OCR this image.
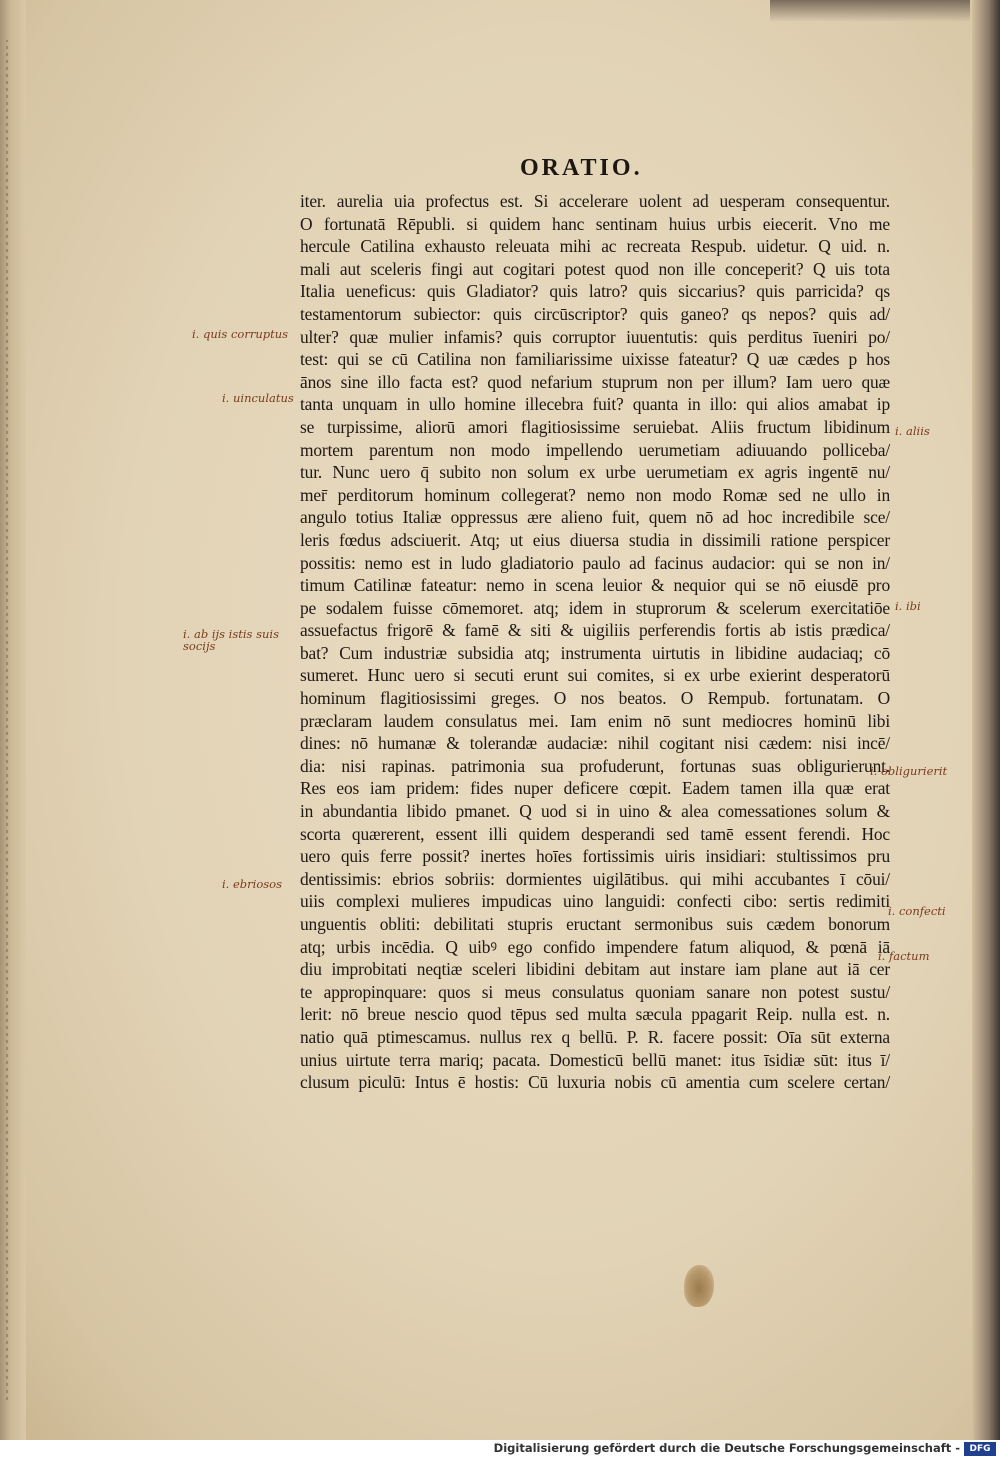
ORATIO.
iter. aurelia uia profectus est. Si accelerare uolent ad uesperam consequentur.
O fortunatā Rēpubli. si quidem hanc sentinam huius urbis eiecerit. Vno me
hercule Catilina exhausto releuata mihi ac recreata Respub. uidetur. Q uid. n.
mali aut sceleris fingi aut cogitari potest quod non ille conceperit? Q uis tota
Italia ueneficus: quis Gladiator? quis latro? quis siccarius? quis parricida? qs
testamentorum subiector: quis circūscriptor? quis ganeo? qs nepos? quis ad/
ulter? quæ mulier infamis? quis corruptor iuuentutis: quis perditus īueniri po/
test: qui se cū Catilina non familiarissime uixisse fateatur? Q uæ cædes p hos
ānos sine illo facta est? quod nefarium stuprum non per illum? Iam uero quæ
tanta unquam in ullo homine illecebra fuit? quanta in illo: qui alios amabat ip
se turpissime, aliorū amori flagitiosissime seruiebat. Aliis fructum libidinum
mortem parentum non modo impellendo uerumetiam adiuuando polliceba/
tur. Nunc uero q̄ subito non solum ex urbe uerumetiam ex agris ingentē nu/
mer̄ perditorum hominum collegerat? nemo non modo Romæ sed ne ullo in
angulo totius Italiæ oppressus ære alieno fuit, quem nō ad hoc incredibile sce/
leris fœdus adsciuerit. Atq; ut eius diuersa studia in dissimili ratione perspicer
possitis: nemo est in ludo gladiatorio paulo ad facinus audacior: qui se non in/
timum Catilinæ fateatur: nemo in scena leuior & nequior qui se nō eiusdē pro
pe sodalem fuisse cōmemoret. atq; idem in stuprorum & scelerum exercitatiōe
assuefactus frigorē & famē & siti & uigiliis perferendis fortis ab istis prædica/
bat? Cum industriæ subsidia atq; instrumenta uirtutis in libidine audaciaq; cō
sumeret. Hunc uero si secuti erunt sui comites, si ex urbe exierint desperatorū
hominum flagitiosissimi greges. O nos beatos. O Rempub. fortunatam. O
præclaram laudem consulatus mei. Iam enim nō sunt mediocres hominū libi
dines: nō humanæ & tolerandæ audaciæ: nihil cogitant nisi cædem: nisi incē/
dia: nisi rapinas. patrimonia sua profuderunt, fortunas suas obligurierunt.
Res eos iam pridem: fides nuper deficere cœpit. Eadem tamen illa quæ erat
in abundantia libido pmanet. Q uod si in uino & alea comessationes solum &
scorta quærerent, essent illi quidem desperandi sed tamē essent ferendi. Hoc
uero quis ferre possit? inertes hoīes fortissimis uiris insidiari: stultissimos pru
dentissimis: ebrios sobriis: dormientes uigilātibus. qui mihi accubantes ī cōui/
uiis complexi mulieres impudicas uino languidi: confecti cibo: sertis redimiti
unguentis obliti: debilitati stupris eructant sermonibus suis cædem bonorum
atq; urbis incēdia. Q uibꝰ ego confido impendere fatum aliquod, & pœnā iā
diu improbitati neqtiæ sceleri libidini debitam aut instare iam plane aut iā cer
te appropinquare: quos si meus consulatus quoniam sanare non potest sustu/
lerit: nō breue nescio quod tēpus sed multa sæcula ppagarit Reip. nulla est. n.
natio quā ptimescamus. nullus rex q bellū. P. R. facere possit: Oīa sūt externa
unius uirtute terra mariq; pacata. Domesticū bellū manet: itus īsidiæ sūt: itus ī/
clusum piculū: Intus ē hostis: Cū luxuria nobis cū amentia cum scelere certan/
i. quis corruptus
i. uinculatus
i. aliis
i. ab ijs istis suis socijs
i. ibi
i. obligurierit
i. ebriosos
i. confecti
i. factum
Digitalisierung gefördert durch die Deutsche Forschungsgemeinschaft -	DFG
